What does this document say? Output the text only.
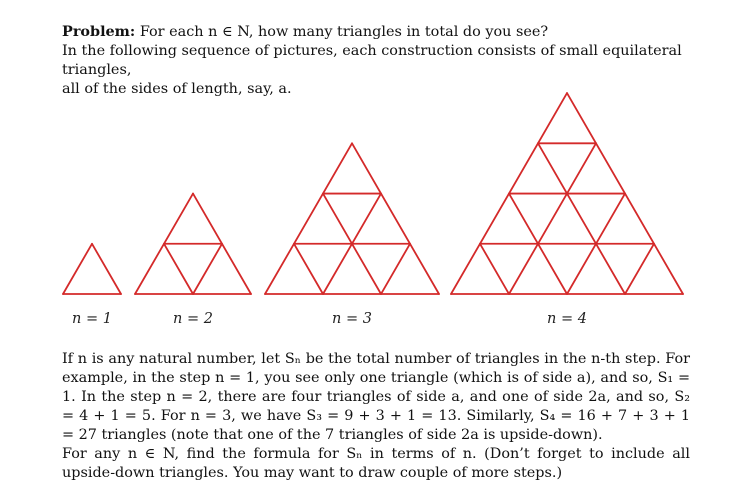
Problem: For each n ∈ N, how many triangles in total do you see?

In the following sequence of pictures, each construction consists of small equilateral triangles,

all of the sides of length, say, a.

n = 1	n = 2	n = 3	n = 4

If n is any natural number, let Sₙ be the total number of triangles in the n-th step. For example, in the step n = 1, you see only one triangle (which is of side a), and so, S₁ = 1. In the step n = 2, there are four triangles of side a, and one of side 2a, and so, S₂ = 4 + 1 = 5. For n = 3, we have S₃ = 9 + 3 + 1 = 13. Similarly, S₄ = 16 + 7 + 3 + 1 = 27 triangles (note that one of the 7 triangles of side 2a is upside-down).

For any n ∈ N, find the formula for Sₙ in terms of n. (Don’t forget to include all upside-down triangles. You may want to draw couple of more steps.)
